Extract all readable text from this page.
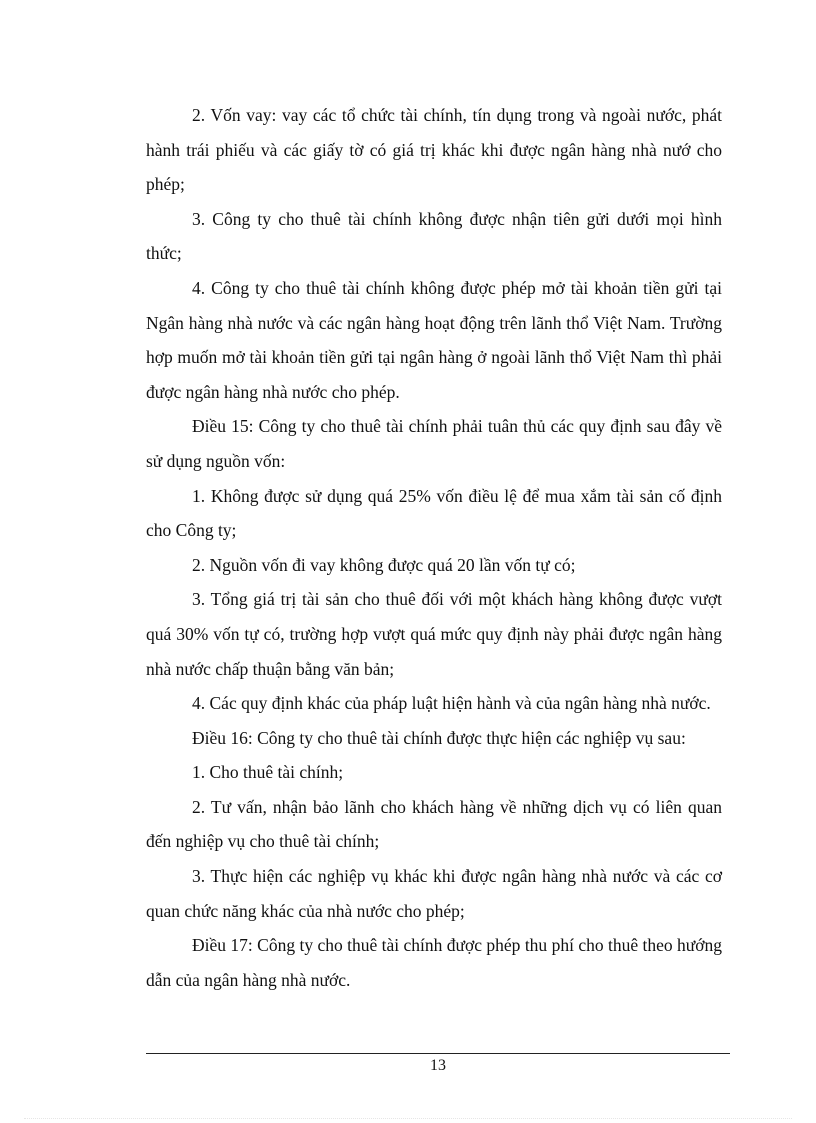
2. Vốn vay: vay các tổ chức tài chính, tín dụng trong và ngoài nước, phát hành trái phiếu và các giấy tờ có giá trị khác khi được ngân hàng nhà nướ cho phép;

3. Công ty cho thuê tài chính không được nhận tiên gửi dưới mọi hình thức;

4. Công ty cho thuê tài chính không được phép mở tài khoản tiền gửi tại Ngân hàng nhà nước và các ngân hàng hoạt động trên lãnh thổ Việt Nam. Trường hợp muốn mở tài khoản tiền gửi tại ngân hàng ở ngoài lãnh thổ Việt Nam thì phải được ngân hàng nhà nước cho phép.

Điều 15: Công ty cho thuê tài chính phải tuân thủ các quy định sau đây về sử dụng nguồn vốn:

1. Không được sử dụng quá 25% vốn điều lệ để mua xắm tài sản cố định cho Công ty;

2. Nguồn vốn đi vay không được quá 20 lần vốn tự có;

3. Tổng giá trị tài sản cho thuê đối với một khách hàng không được vượt quá 30% vốn tự có, trường hợp vượt quá mức quy định này phải được ngân hàng nhà nước chấp thuận bằng văn bản;

4. Các quy định khác của pháp luật hiện hành và của ngân hàng nhà nước.

Điều 16: Công ty cho thuê tài chính được thực hiện các nghiệp vụ sau:

1. Cho thuê tài chính;

2. Tư vấn, nhận bảo lãnh cho khách hàng về những dịch vụ có liên quan đến nghiệp vụ cho thuê tài chính;

3. Thực hiện các nghiệp vụ khác khi được ngân hàng nhà nước và các cơ quan chức năng khác của nhà nước cho phép;

Điều 17: Công ty cho thuê tài chính được phép thu phí cho thuê theo hướng dẫn của ngân hàng nhà nước.

13
